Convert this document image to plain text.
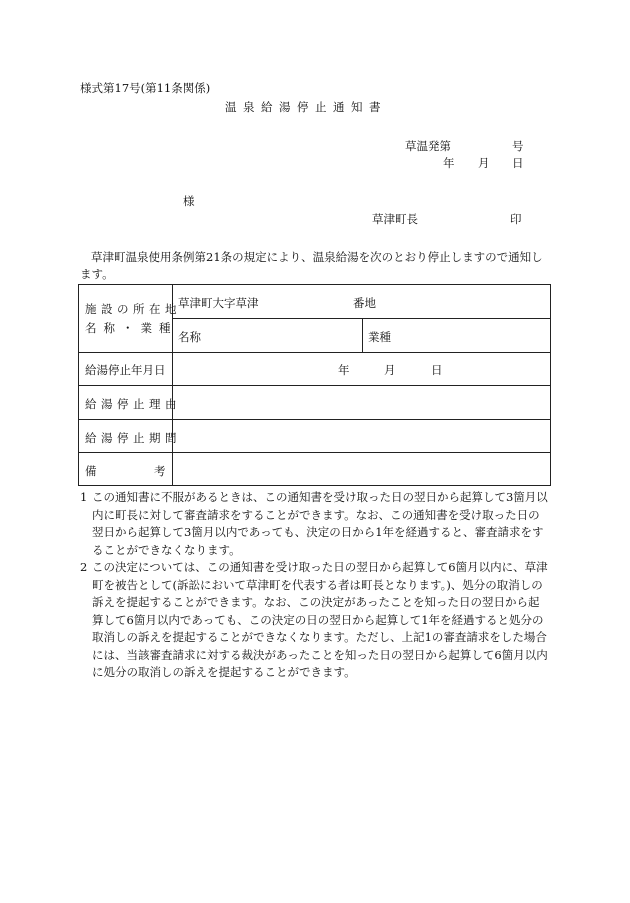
様式第17号(第11条関係)
温泉給湯停止通知書
草温発第	号
年 月 日
様
草津町長	印
草津町温泉使用条例第21条の規定により、温泉給湯を次のとおり停止しますので通知します。
施設の所在地
名称・業種
草津町大字草津	番地
名称	業種
給湯停止年月日	年	月	日
給湯停止理由
給湯停止期間
備	考
1 この通知書に不服があるときは、この通知書を受け取った日の翌日から起算して3箇月以内に町長に対して審査請求をすることができます。なお、この通知書を受け取った日の翌日から起算して3箇月以内であっても、決定の日から1年を経過すると、審査請求をすることができなくなります。
2 この決定については、この通知書を受け取った日の翌日から起算して6箇月以内に、草津町を被告として(訴訟において草津町を代表する者は町長となります。)、処分の取消しの訴えを提起することができます。なお、この決定があったことを知った日の翌日から起算して6箇月以内であっても、この決定の日の翌日から起算して1年を経過すると処分の取消しの訴えを提起することができなくなります。ただし、上記1の審査請求をした場合には、当該審査請求に対する裁決があったことを知った日の翌日から起算して6箇月以内に処分の取消しの訴えを提起することができます。
